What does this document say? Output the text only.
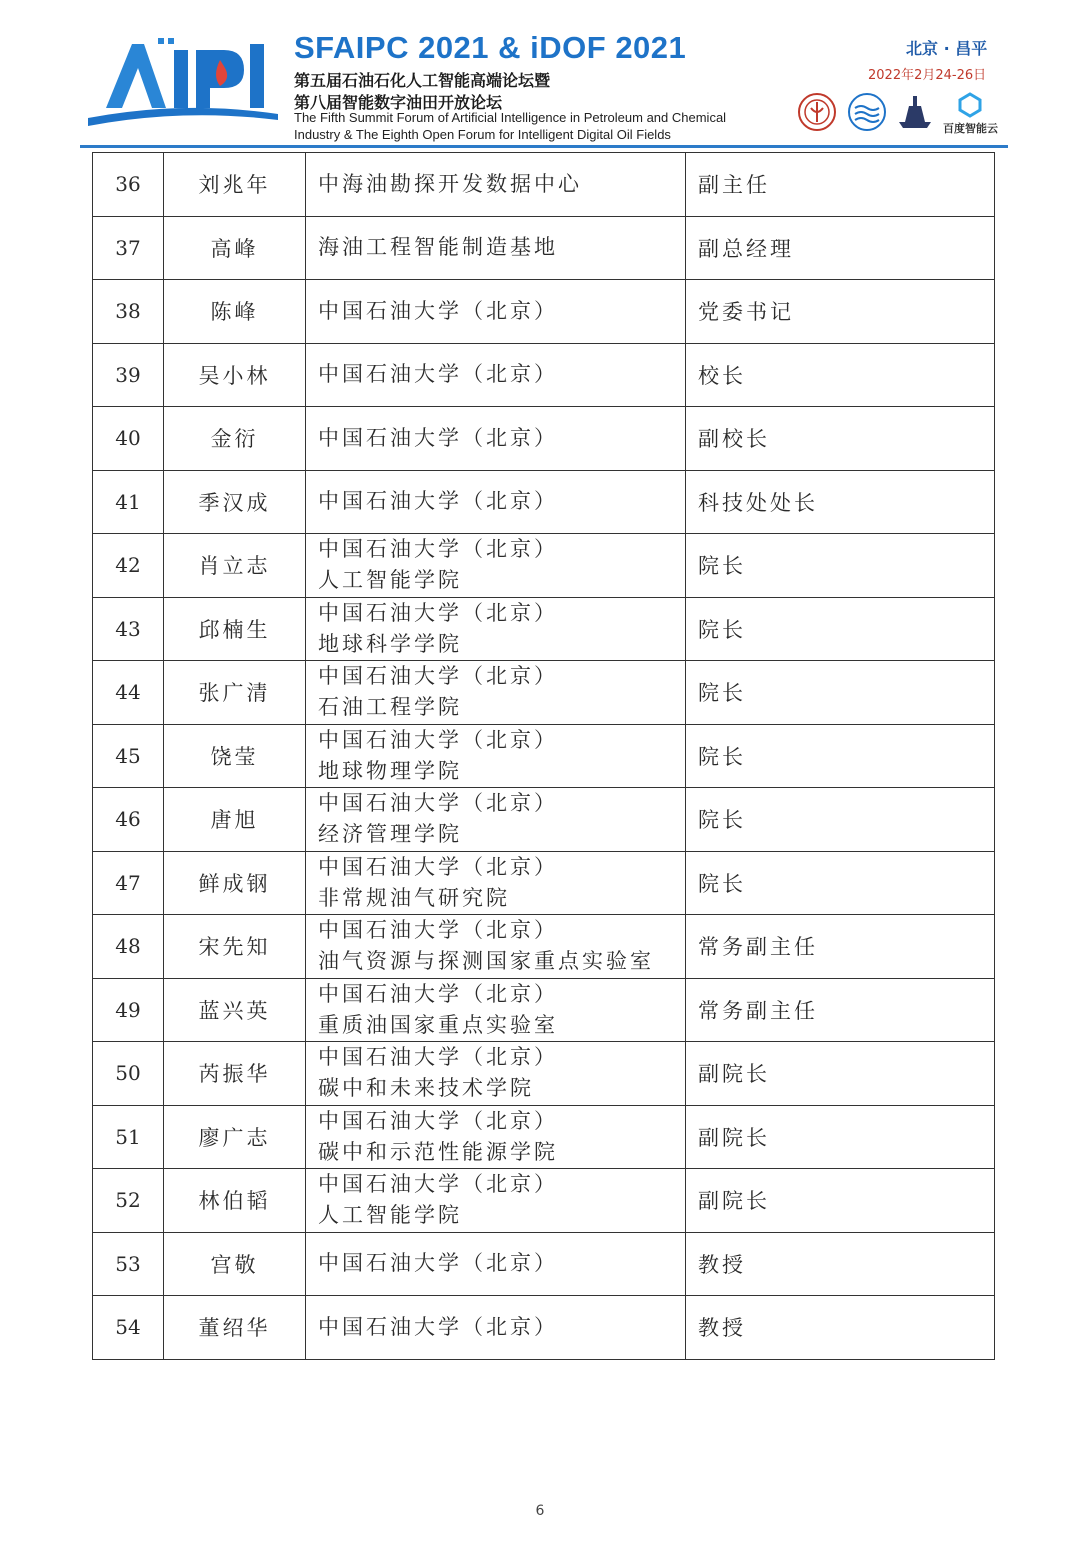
SFAIPC 2021 & iDOF 2021
第五届石油石化人工智能高端论坛暨
第八届智能数字油田开放论坛
The Fifth Summit Forum of Artificial Intelligence in Petroleum and Chemical
Industry & The Eighth Open Forum for Intelligent Digital Oil Fields
北京 · 昌平
2022年2月24-26日
百度智能云
36	刘兆年	中海油勘探开发数据中心	副主任
37	高峰	海油工程智能制造基地	副总经理
38	陈峰	中国石油大学（北京）	党委书记
39	吴小林	中国石油大学（北京）	校长
40	金衍	中国石油大学（北京）	副校长
41	季汉成	中国石油大学（北京）	科技处处长
42	肖立志	中国石油大学（北京）
人工智能学院	院长
43	邱楠生	中国石油大学（北京）
地球科学学院	院长
44	张广清	中国石油大学（北京）
石油工程学院	院长
45	饶莹	中国石油大学（北京）
地球物理学院	院长
46	唐旭	中国石油大学（北京）
经济管理学院	院长
47	鲜成钢	中国石油大学（北京）
非常规油气研究院	院长
48	宋先知	中国石油大学（北京）
油气资源与探测国家重点实验室	常务副主任
49	蓝兴英	中国石油大学（北京）
重质油国家重点实验室	常务副主任
50	芮振华	中国石油大学（北京）
碳中和未来技术学院	副院长
51	廖广志	中国石油大学（北京）
碳中和示范性能源学院	副院长
52	林伯韬	中国石油大学（北京）
人工智能学院	副院长
53	宫敬	中国石油大学（北京）	教授
54	董绍华	中国石油大学（北京）	教授
6
